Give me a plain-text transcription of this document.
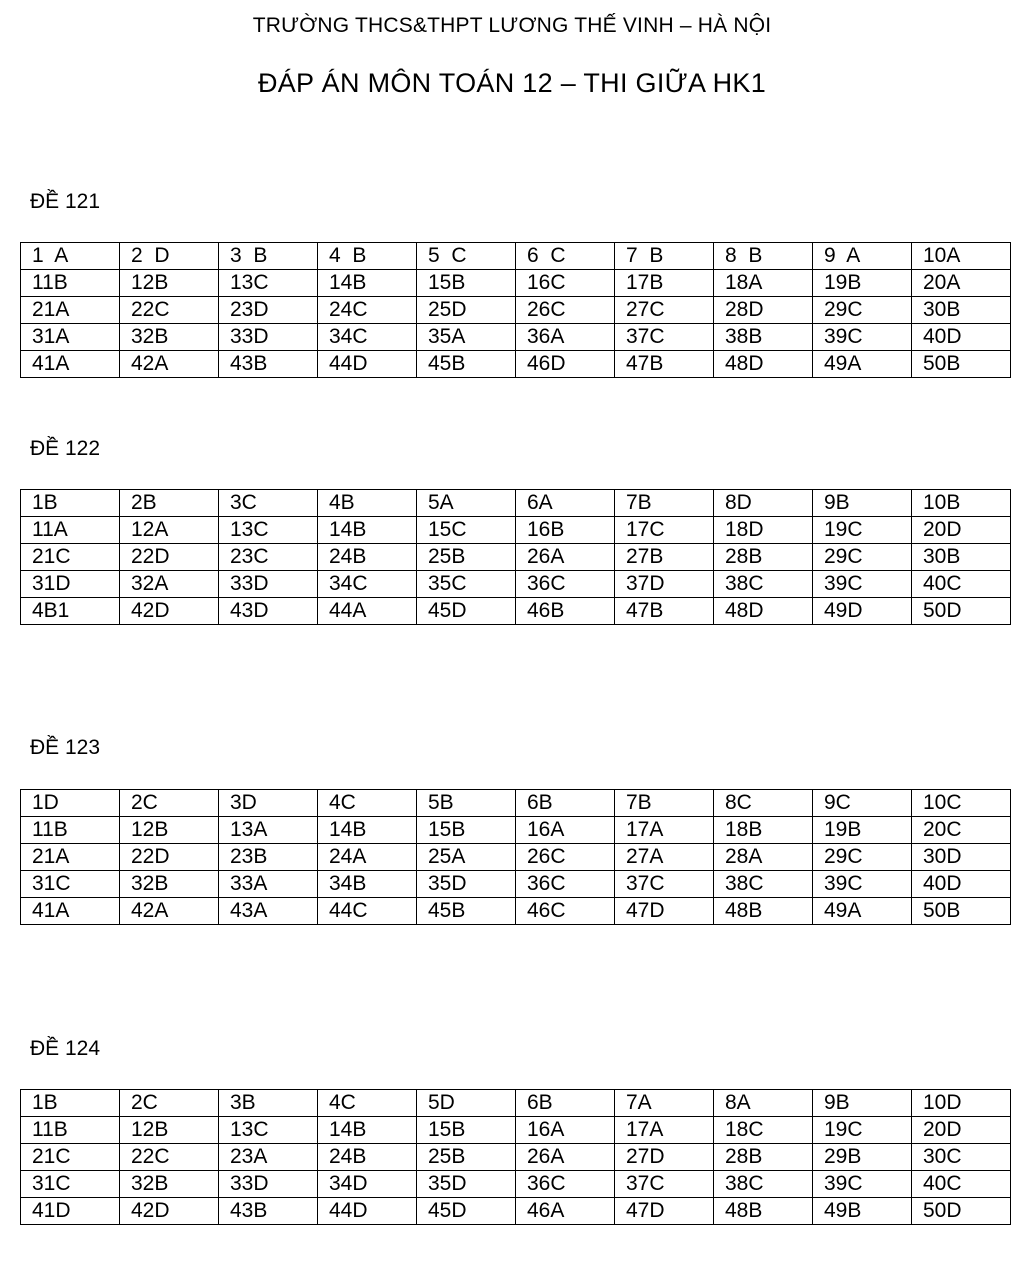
TRƯỜNG THCS&THPT LƯƠNG THẾ VINH – HÀ NỘI
ĐÁP ÁN MÔN TOÁN 12 – THI GIỮA HK1
ĐỀ 121
1  A	2  D	3  B	4  B	5  C	6  C	7  B	8  B	9  A	10A
11B	12B	13C	14B	15B	16C	17B	18A	19B	20A
21A	22C	23D	24C	25D	26C	27C	28D	29C	30B
31A	32B	33D	34C	35A	36A	37C	38B	39C	40D
41A	42A	43B	44D	45B	46D	47B	48D	49A	50B
ĐỀ 122
1B	2B	3C	4B	5A	6A	7B	8D	9B	10B
11A	12A	13C	14B	15C	16B	17C	18D	19C	20D
21C	22D	23C	24B	25B	26A	27B	28B	29C	30B
31D	32A	33D	34C	35C	36C	37D	38C	39C	40C
4B1	42D	43D	44A	45D	46B	47B	48D	49D	50D
ĐỀ 123
1D	2C	3D	4C	5B	6B	7B	8C	9C	10C
11B	12B	13A	14B	15B	16A	17A	18B	19B	20C
21A	22D	23B	24A	25A	26C	27A	28A	29C	30D
31C	32B	33A	34B	35D	36C	37C	38C	39C	40D
41A	42A	43A	44C	45B	46C	47D	48B	49A	50B
ĐỀ 124
1B	2C	3B	4C	5D	6B	7A	8A	9B	10D
11B	12B	13C	14B	15B	16A	17A	18C	19C	20D
21C	22C	23A	24B	25B	26A	27D	28B	29B	30C
31C	32B	33D	34D	35D	36C	37C	38C	39C	40C
41D	42D	43B	44D	45D	46A	47D	48B	49B	50D
